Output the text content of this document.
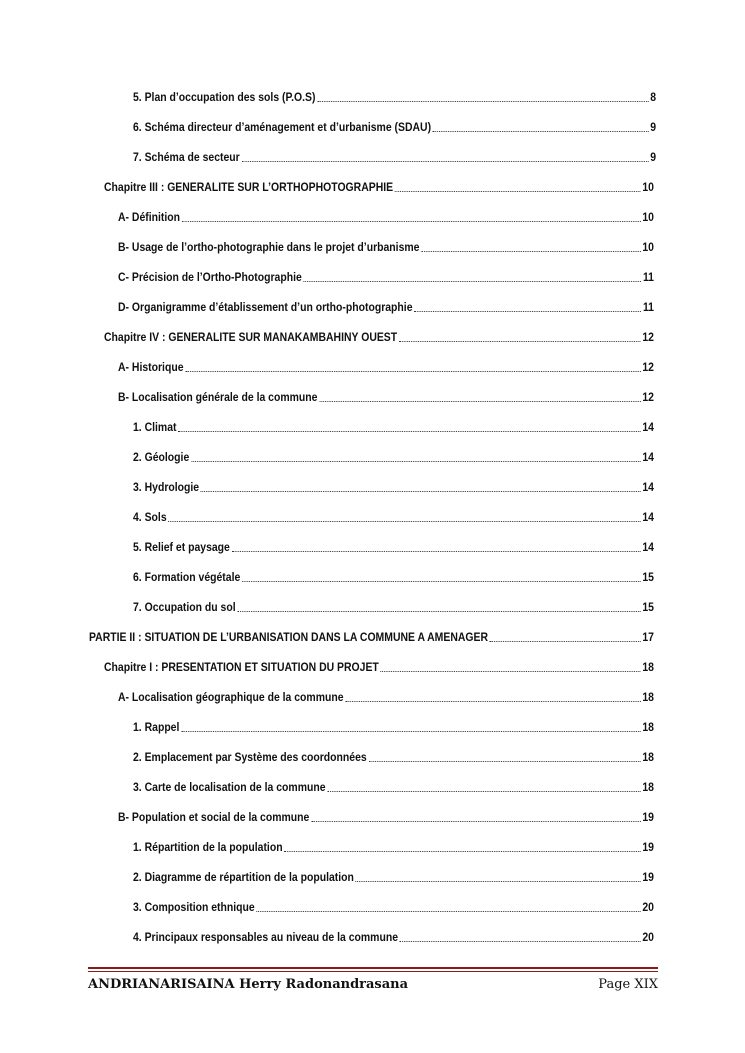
5. Plan d’occupation des sols (P.O.S)	8
6. Schéma directeur d’aménagement et d’urbanisme (SDAU)	9
7. Schéma de secteur	9
Chapitre III : GENERALITE SUR L’ORTHOPHOTOGRAPHIE	10
A- Définition	10
B- Usage de l’ortho-photographie dans le projet d’urbanisme	10
C- Précision de l’Ortho-Photographie	11
D- Organigramme d’établissement d’un ortho-photographie	11
Chapitre IV : GENERALITE SUR MANAKAMBAHINY OUEST	12
A- Historique	12
B- Localisation générale de la commune	12
1. Climat	14
2. Géologie	14
3. Hydrologie	14
4. Sols	14
5. Relief et paysage	14
6. Formation végétale	15
7. Occupation du sol	15
PARTIE II : SITUATION DE L’URBANISATION DANS LA COMMUNE A AMENAGER	17
Chapitre I : PRESENTATION ET SITUATION DU PROJET	18
A- Localisation géographique de la commune	18
1. Rappel	18
2. Emplacement par Système des coordonnées	18
3. Carte de localisation de la commune	18
B- Population et social de la commune	19
1. Répartition de la population	19
2. Diagramme de répartition de la population	19
3. Composition ethnique	20
4. Principaux responsables au niveau de la commune	20
ANDRIANARISAINA Herry Radonandrasana	Page XIX
